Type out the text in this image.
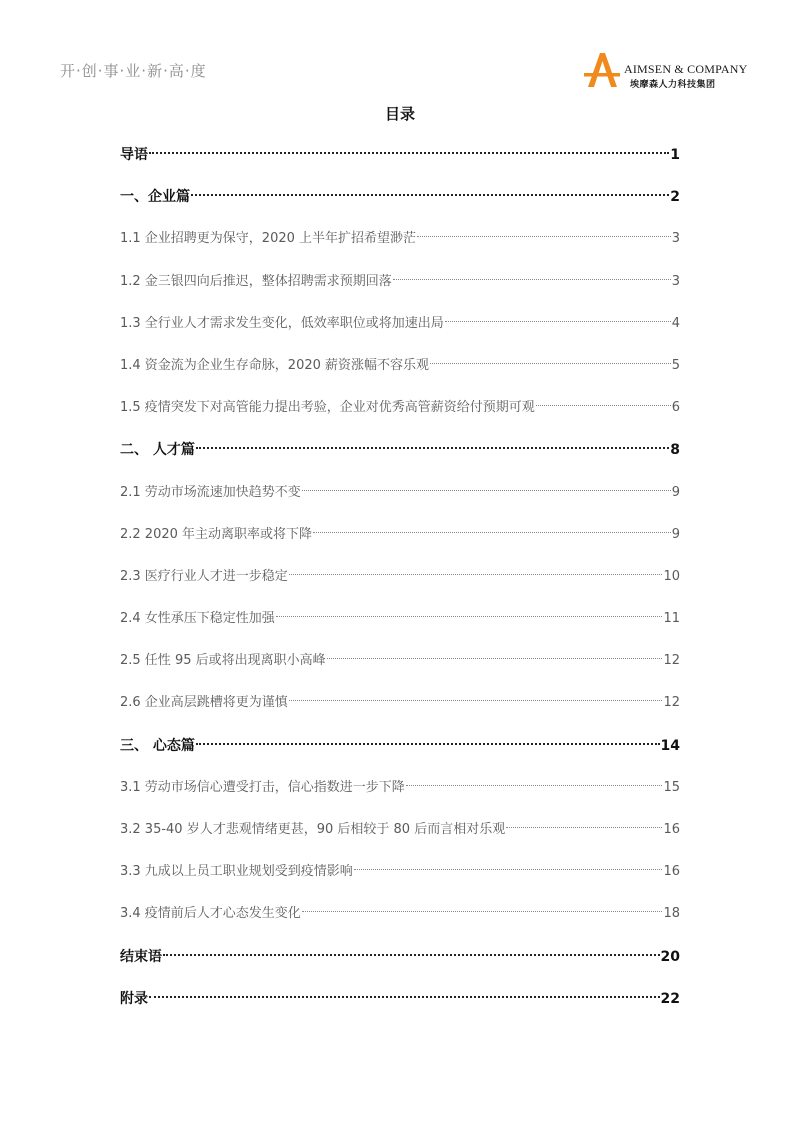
开·创·事·业·新·高·度	AIMSEN & COMPANY
埃摩森人力科技集团
目录
导语	1
一、企业篇	2
1.1 企业招聘更为保守，2020 上半年扩招希望渺茫	3
1.2 金三银四向后推迟，整体招聘需求预期回落	3
1.3 全行业人才需求发生变化，低效率职位或将加速出局	4
1.4 资金流为企业生存命脉，2020 薪资涨幅不容乐观	5
1.5 疫情突发下对高管能力提出考验，企业对优秀高管薪资给付预期可观	6
二、 人才篇	8
2.1 劳动市场流速加快趋势不变	9
2.2 2020 年主动离职率或将下降	9
2.3 医疗行业人才进一步稳定	10
2.4 女性承压下稳定性加强	11
2.5 任性 95 后或将出现离职小高峰	12
2.6 企业高层跳槽将更为谨慎	12
三、 心态篇	14
3.1 劳动市场信心遭受打击，信心指数进一步下降	15
3.2 35-40 岁人才悲观情绪更甚，90 后相较于 80 后而言相对乐观	16
3.3 九成以上员工职业规划受到疫情影响	16
3.4 疫情前后人才心态发生变化	18
结束语	20
附录	22
